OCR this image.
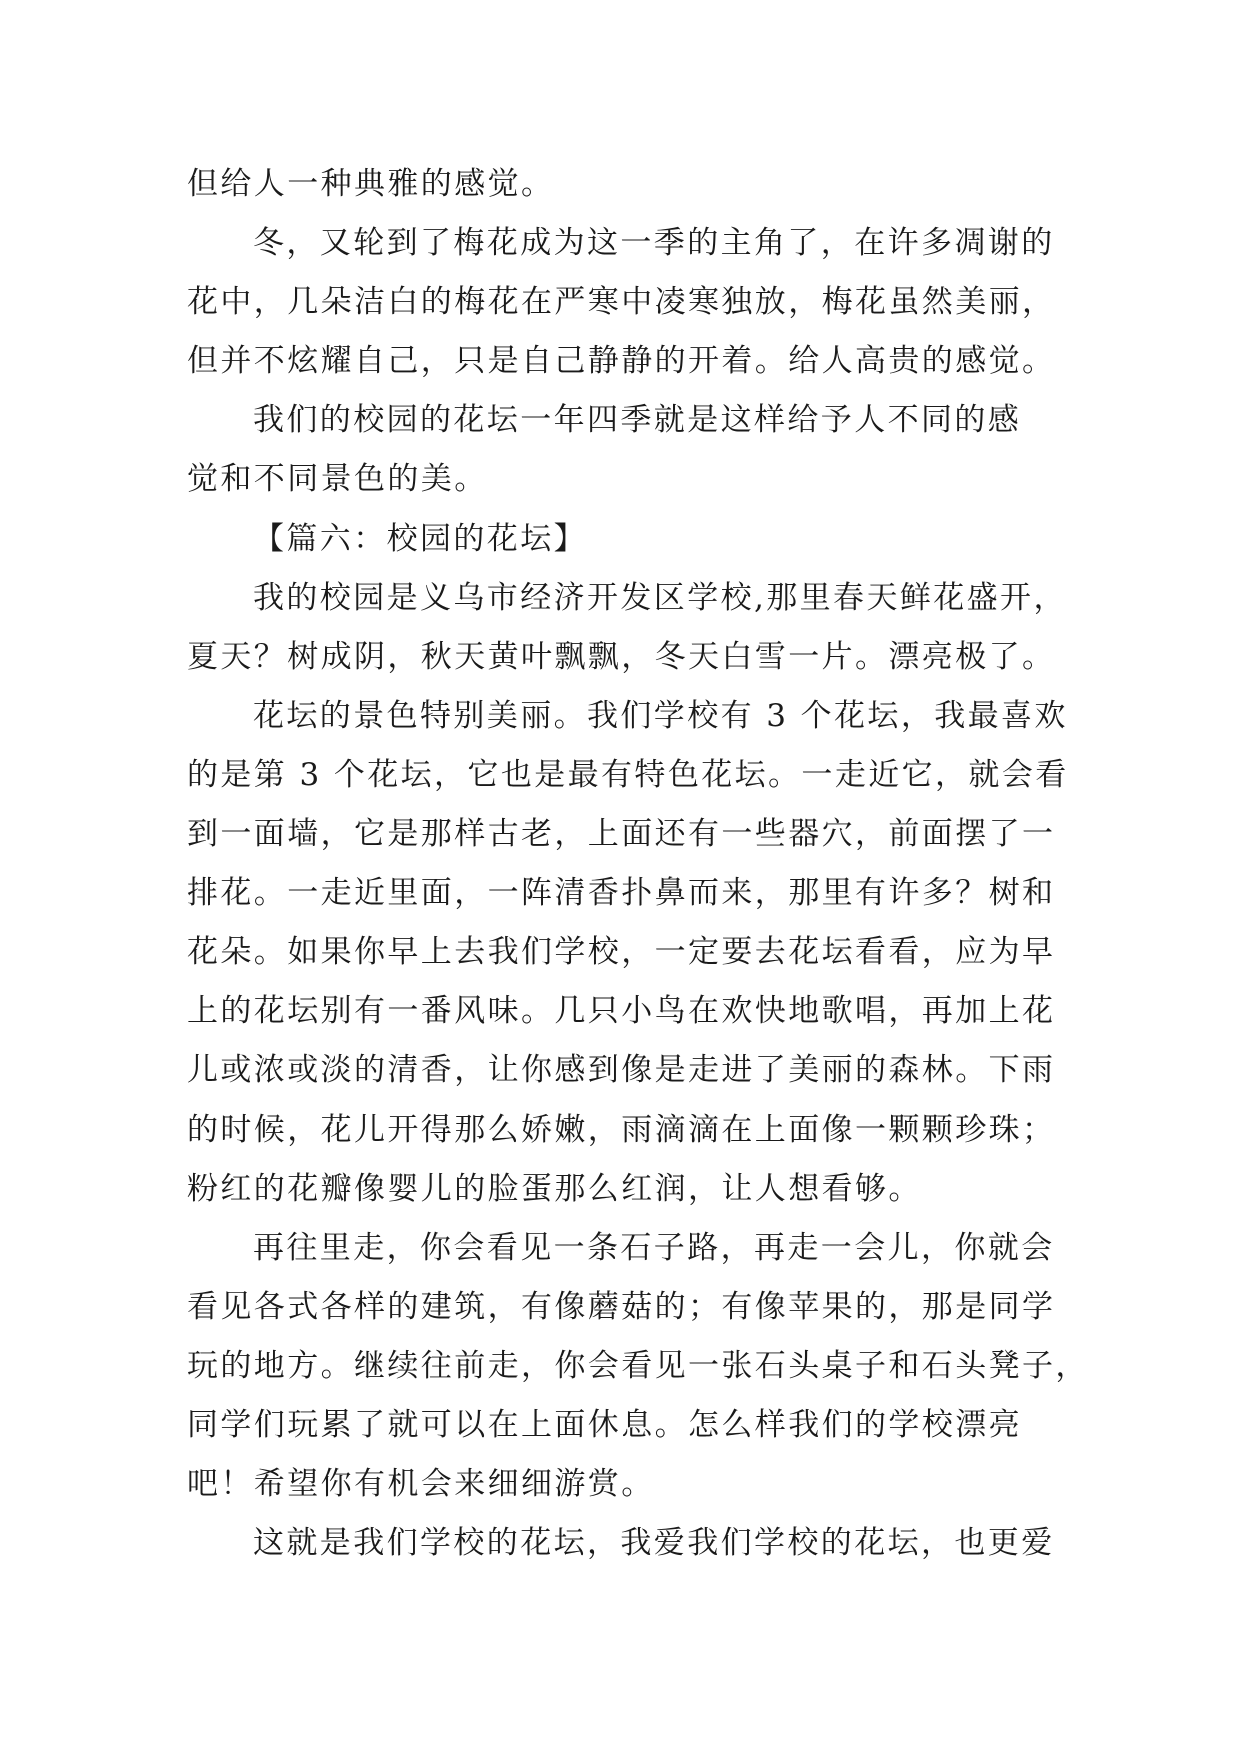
但给人一种典雅的感觉。
冬，又轮到了梅花成为这一季的主角了，在许多凋谢的
花中，几朵洁白的梅花在严寒中凌寒独放，梅花虽然美丽，
但并不炫耀自己，只是自己静静的开着。给人高贵的感觉。
我们的校园的花坛一年四季就是这样给予人不同的感
觉和不同景色的美。
【篇六：校园的花坛】
我的校园是义乌市经济开发区学校,那里春天鲜花盛开，
夏天？树成阴，秋天黄叶飘飘，冬天白雪一片。漂亮极了。
花坛的景色特别美丽。我们学校有 3 个花坛，我最喜欢
的是第 3 个花坛，它也是最有特色花坛。一走近它，就会看
到一面墙，它是那样古老，上面还有一些器穴，前面摆了一
排花。一走近里面，一阵清香扑鼻而来，那里有许多？树和
花朵。如果你早上去我们学校，一定要去花坛看看，应为早
上的花坛别有一番风味。几只小鸟在欢快地歌唱，再加上花
儿或浓或淡的清香，让你感到像是走进了美丽的森林。下雨
的时候，花儿开得那么娇嫩，雨滴滴在上面像一颗颗珍珠；
粉红的花瓣像婴儿的脸蛋那么红润，让人想看够。
再往里走，你会看见一条石子路，再走一会儿，你就会
看见各式各样的建筑，有像蘑菇的；有像苹果的，那是同学
玩的地方。继续往前走，你会看见一张石头桌子和石头凳子，
同学们玩累了就可以在上面休息。怎么样我们的学校漂亮
吧！希望你有机会来细细游赏。
这就是我们学校的花坛，我爱我们学校的花坛，也更爱
